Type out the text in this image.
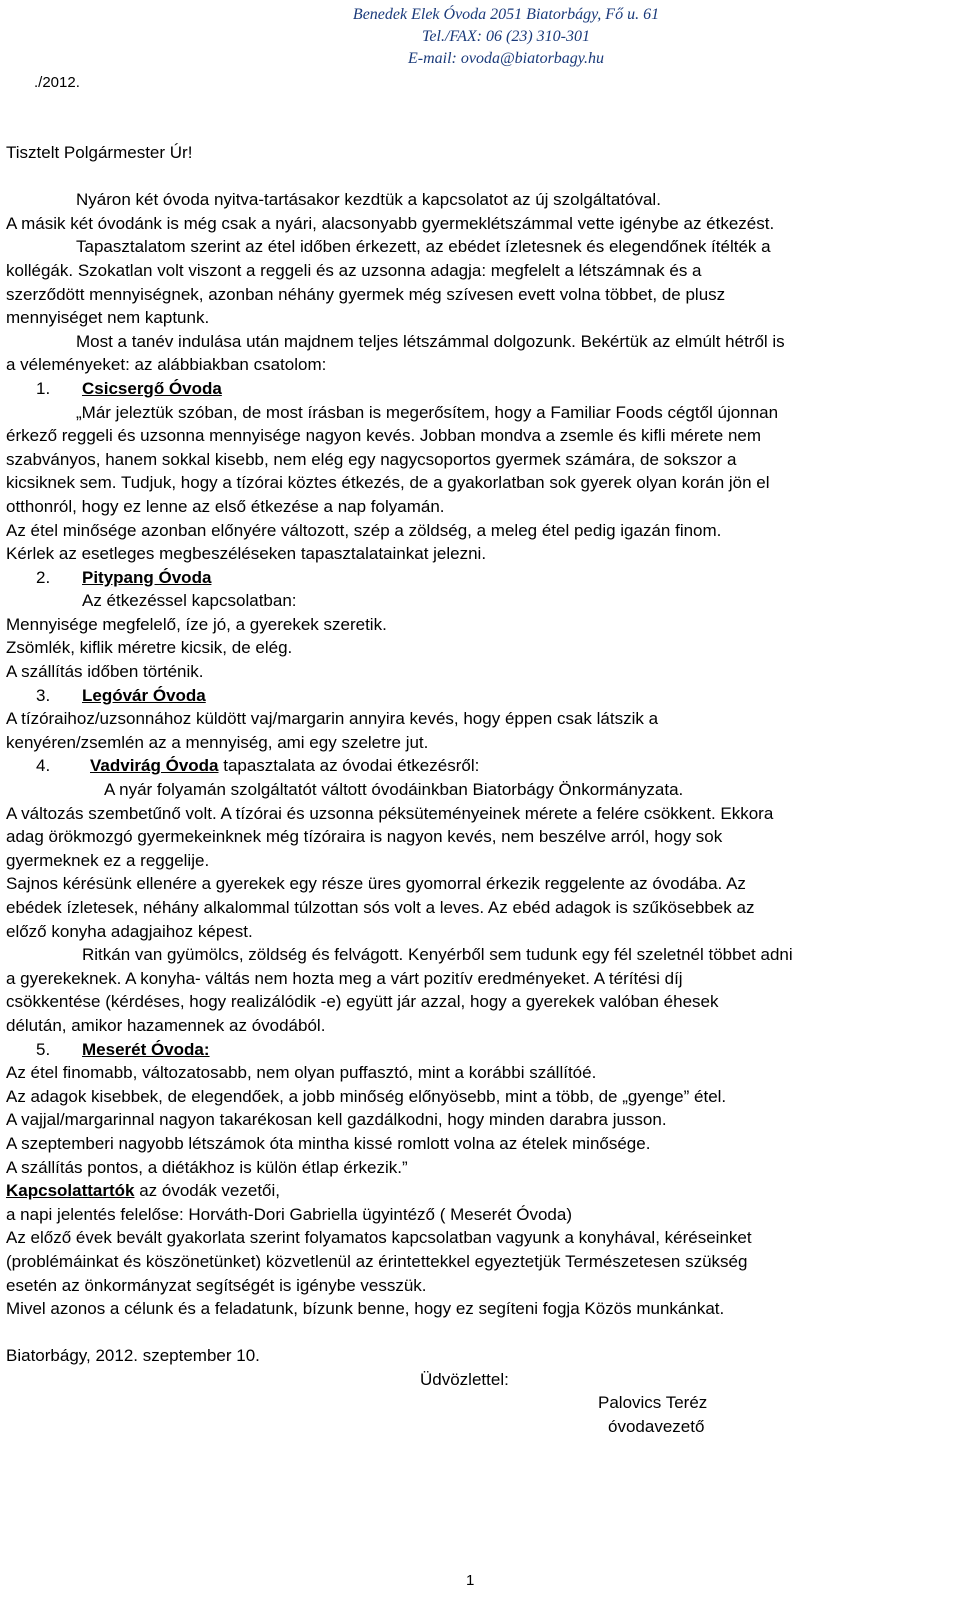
Benedek Elek Óvoda 2051 Biatorbágy, Fő u. 61
Tel./FAX: 06 (23) 310-301
E-mail: ovoda@biatorbagy.hu
./2012.

Tisztelt Polgármester Úr!

Nyáron két óvoda nyitva-tartásakor kezdtük a kapcsolatot az új szolgáltatóval.

A másik két óvodánk is még csak a nyári, alacsonyabb gyermeklétszámmal vette igénybe az étkezést.

Tapasztalatom szerint az étel időben érkezett, az ebédet ízletesnek és elegendőnek ítélték a

kollégák. Szokatlan volt viszont a reggeli és az uzsonna adagja: megfelelt a létszámnak és a

szerződött mennyiségnek, azonban néhány gyermek még szívesen evett volna többet, de plusz

mennyiséget nem kaptunk.

Most a tanév indulása után majdnem teljes létszámmal dolgozunk. Bekértük az elmúlt hétről is

a véleményeket: az alábbiakban csatolom:

1. Csicsergő Óvoda

„Már jeleztük szóban, de most írásban is megerősítem, hogy a Familiar Foods cégtől újonnan

érkező reggeli és uzsonna mennyisége nagyon kevés. Jobban mondva a zsemle és kifli mérete nem

szabványos, hanem sokkal kisebb, nem elég egy nagycsoportos gyermek számára, de sokszor a

kicsiknek sem. Tudjuk, hogy a tízórai köztes étkezés, de a gyakorlatban sok gyerek olyan korán jön el

otthonról, hogy ez lenne az első étkezése a nap folyamán.

Az étel minősége azonban előnyére változott, szép a zöldség, a meleg étel pedig igazán finom.

Kérlek az esetleges megbeszéléseken tapasztalatainkat jelezni.

2. Pitypang Óvoda

Az étkezéssel kapcsolatban:

Mennyisége megfelelő, íze jó, a gyerekek szeretik.

Zsömlék, kiflik méretre kicsik, de elég.

A szállítás időben történik.

3. Legóvár Óvoda

A tízóraihoz/uzsonnához küldött vaj/margarin annyira kevés, hogy éppen csak látszik a

kenyéren/zsemlén az a mennyiség, ami egy szeletre jut.

4. Vadvirág Óvoda tapasztalata az óvodai étkezésről:

A nyár folyamán szolgáltatót váltott óvodáinkban Biatorbágy Önkormányzata.

A változás szembetűnő volt. A tízórai és uzsonna péksüteményeinek mérete a felére csökkent. Ekkora

adag örökmozgó gyermekeinknek még tízóraira is nagyon kevés, nem beszélve arról, hogy sok

gyermeknek ez a reggelije.

Sajnos kérésünk ellenére a gyerekek egy része üres gyomorral érkezik reggelente az óvodába. Az

ebédek ízletesek, néhány alkalommal túlzottan sós volt a leves. Az ebéd adagok is szűkösebbek az

előző konyha adagjaihoz képest.

Ritkán van gyümölcs, zöldség és felvágott. Kenyérből sem tudunk egy fél szeletnél többet adni

a gyerekeknek. A konyha- váltás nem hozta meg a várt pozitív eredményeket. A térítési díj

csökkentése (kérdéses, hogy realizálódik -e) együtt jár azzal, hogy a gyerekek valóban éhesek

délután, amikor hazamennek az óvodából.

5. Meserét Óvoda:

Az étel finomabb, változatosabb, nem olyan puffasztó, mint a korábbi szállítóé.

Az adagok kisebbek, de elegendőek, a jobb minőség előnyösebb, mint a több, de „gyenge” étel.

A vajjal/margarinnal nagyon takarékosan kell gazdálkodni, hogy minden darabra jusson.

A szeptemberi nagyobb létszámok óta mintha kissé romlott volna az ételek minősége.

A szállítás pontos, a diétákhoz is külön étlap érkezik.”

Kapcsolattartók az óvodák vezetői,

a napi jelentés felelőse: Horváth-Dori Gabriella ügyintéző ( Meserét Óvoda)

Az előző évek bevált gyakorlata szerint folyamatos kapcsolatban vagyunk a konyhával, kéréseinket

(problémáinkat és köszönetünket) közvetlenül az érintettekkel egyeztetjük Természetesen szükség

esetén az önkormányzat segítségét is igénybe vesszük.

Mivel azonos a célunk és a feladatunk, bízunk benne, hogy ez segíteni fogja Közös munkánkat.

Biatorbágy, 2012. szeptember 10.

Üdvözlettel:

Palovics Teréz

óvodavezető

1
